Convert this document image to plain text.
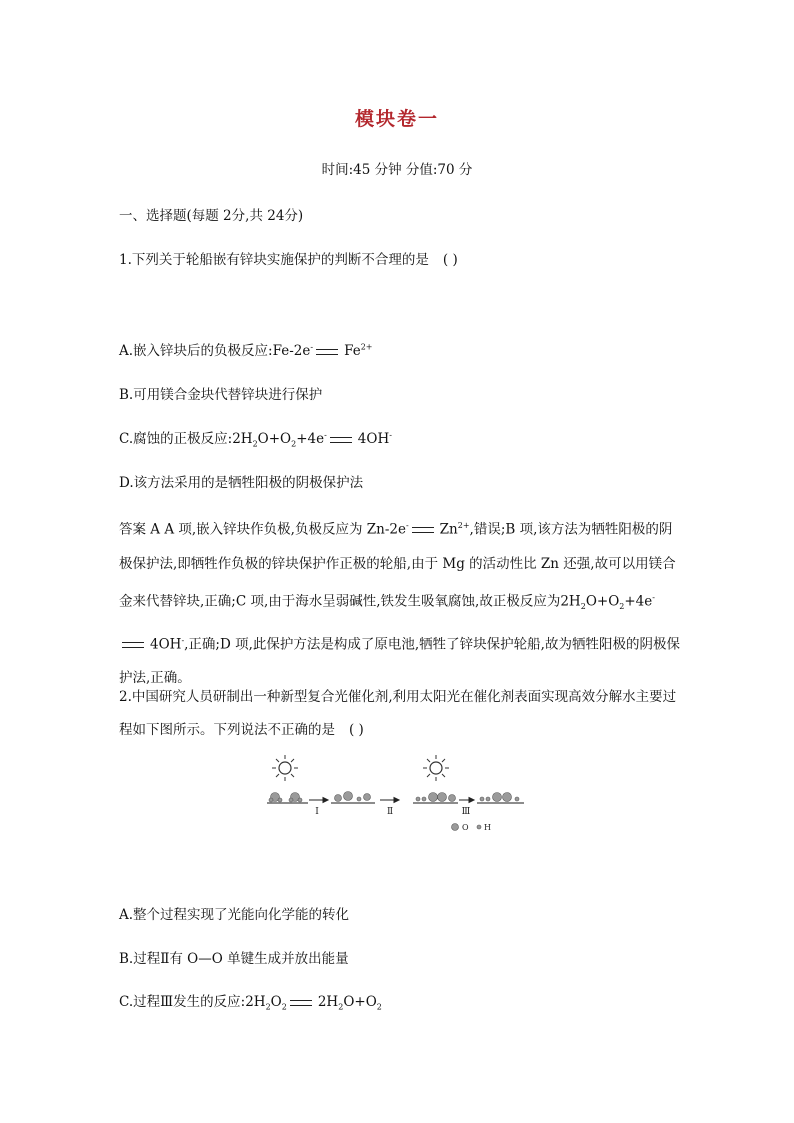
模块卷一
时间:45 分钟 分值:70 分
一、选择题(每题 2分,共 24分)
1.下列关于轮船嵌有锌块实施保护的判断不合理的是 ( )
A.嵌入锌块后的负极反应:Fe-2e- $Fe^{2+}$
B.可用镁合金块代替锌块进行保护
C.腐蚀的正极反应$:2H_2O+O_2+4e^-$ 4OH-
D.该方法采用的是牺牲阳极的阴极保护法
答案 A A 项,嵌入锌块作负极,负极反应为 Zn-2e- $Zn^{2+}$,错误;B 项,该方法为牺牲阳极的阴极保护法,即牺牲作负极的锌块保护作正极的轮船,由于 Mg 的活动性比 Zn 还强,故可以用镁合金来代替锌块,正确;C 项,由于海水呈弱碱性,铁发生吸氧腐蚀,故正极反应为$2H_2O+O_2+4e^-4OH^-$,正确;D 项,此保护方法是构成了原电池,牺牲了锌块保护轮船,故为牺牲阳极的阴极保护法,正确。
2.中国研究人员研制出一种新型复合光催化剂,利用太阳光在催化剂表面实现高效分解水主要过程如下图所示。下列说法不正确的是 ( )
Ⅰ	Ⅱ	Ⅲ
O H
A.整个过程实现了光能向化学能的转化
B.过程Ⅱ有 O—O 单键生成并放出能量
C.过程Ⅲ发生的反应$:2H_2O_2$ $2H_2O+O_2$
